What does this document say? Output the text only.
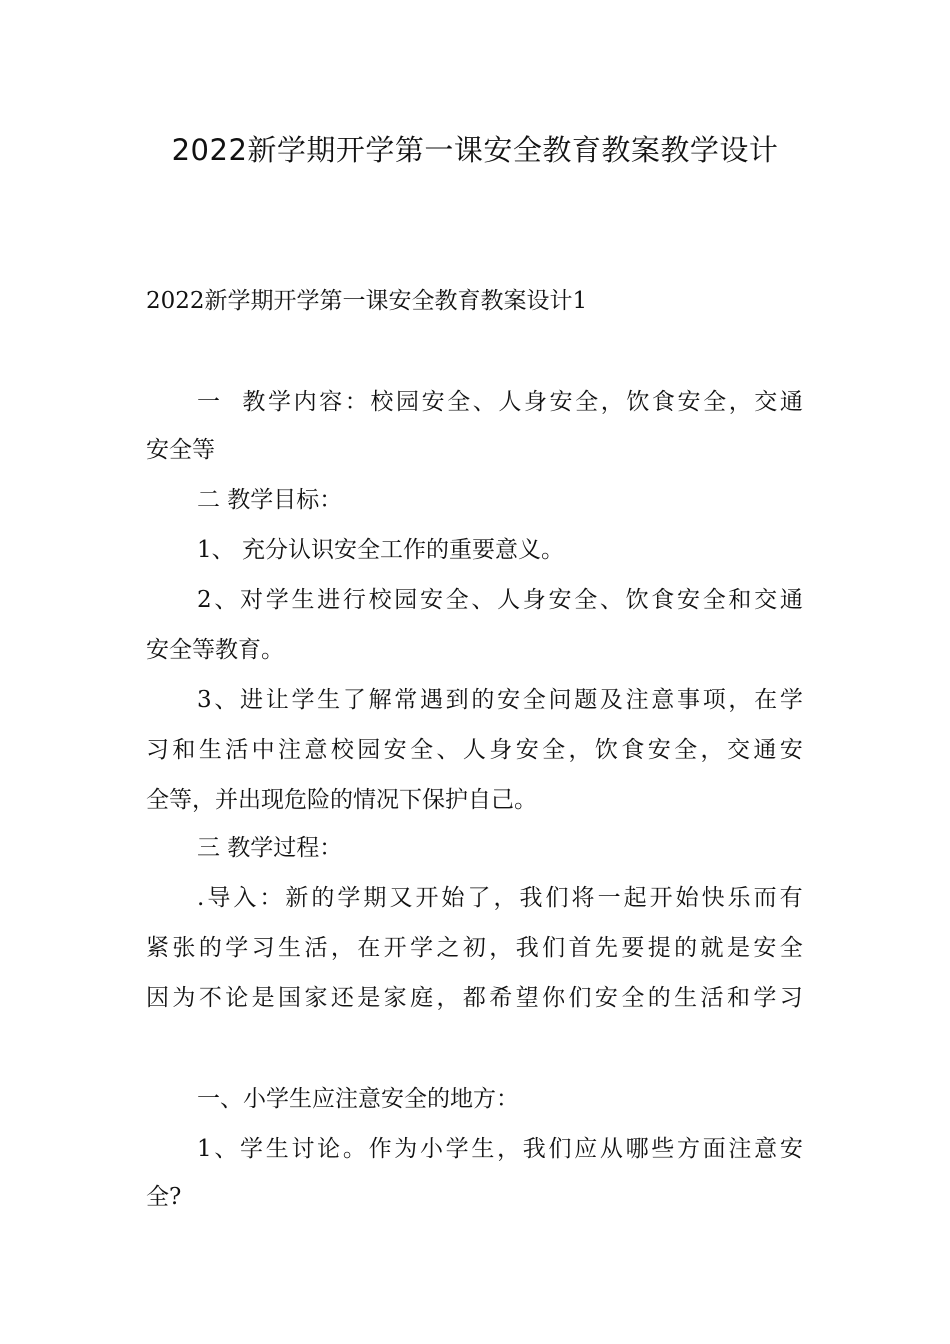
2022新学期开学第一课安全教育教案教学设计
2022新学期开学第一课安全教育教案设计1
一

教 学 内 容 ： 校 园 安 全 、 人 身 安 全 ， 饮 食 安 全 ， 交 通
安全等
二 教学目标：
1、 充分认识安全工作的重要意义。
2 、 对 学 生 进 行 校 园 安 全 、 人 身 安 全 、 饮 食 安 全 和 交 通
安全等教育。
3 、 进 让 学 生 了 解 常 遇 到 的 安 全 问 题 及 注 意 事 项 ， 在 学
习 和 生 活 中 注 意 校 园 安 全 、 人 身 安 全 ， 饮 食 安 全 ， 交 通 安
全等，并出现危险的情况下保护自己。
三 教学过程：
. 导 入 ： 新 的 学 期 又 开 始 了 ， 我 们 将 一 起 开 始 快 乐 而 有
紧 张 的 学 习 生 活 ， 在 开 学 之 初 ， 我 们 首 先 要 提 的 就 是 安 全
因 为 不 论 是 国 家 还 是 家 庭 ， 都 希 望 你 们 安 全 的 生 活 和 学 习
一、小学生应注意安全的地方：
1 、 学 生 讨 论 。 作 为 小 学 生 ， 我 们 应 从 哪 些 方 面 注 意 安
全?
